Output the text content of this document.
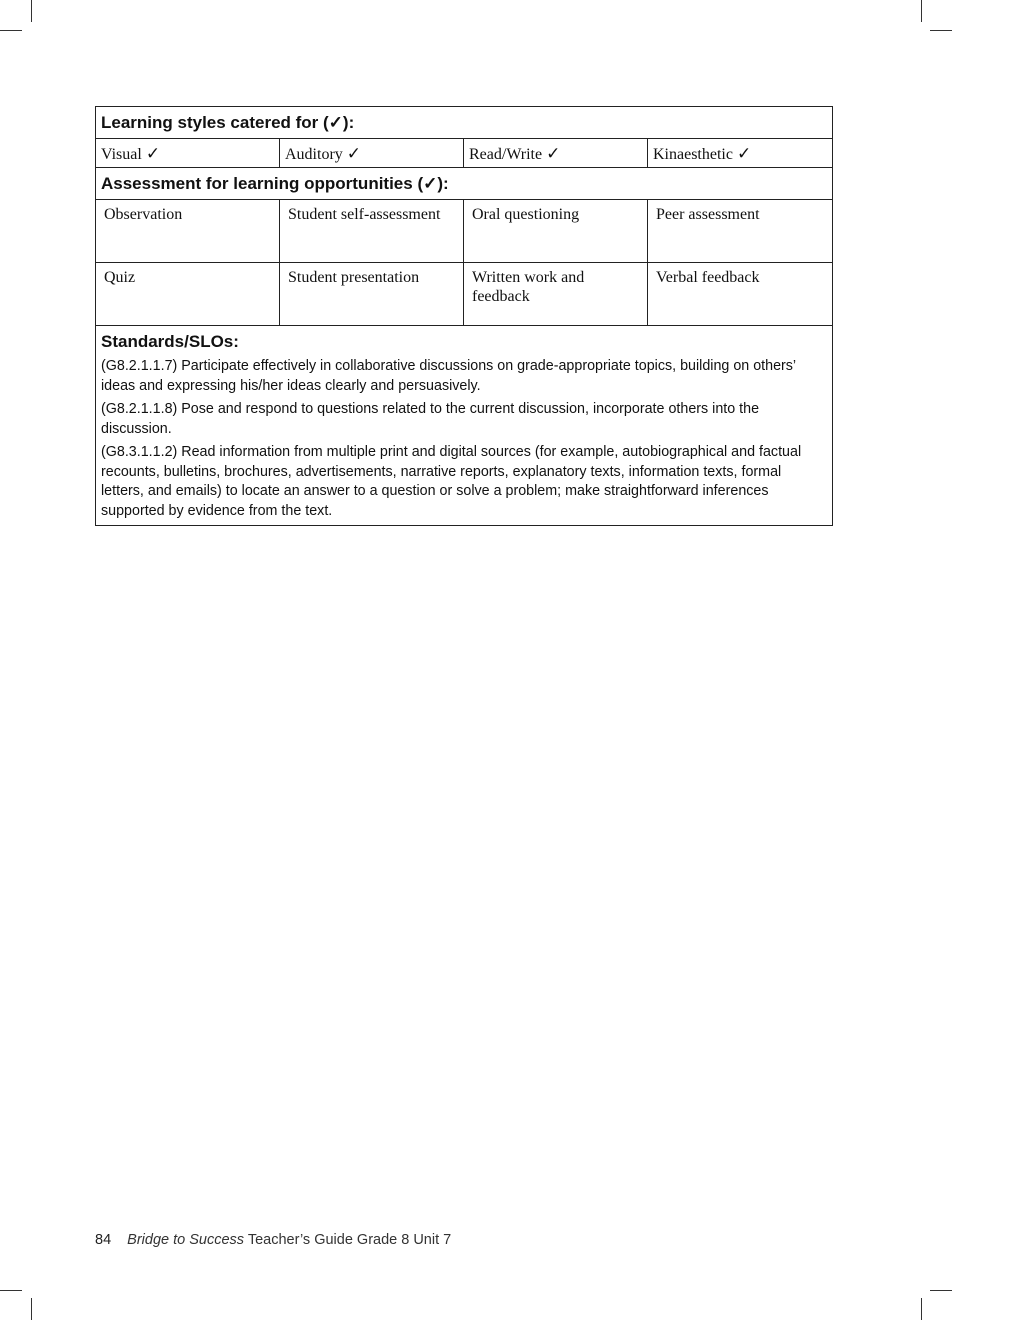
Learning styles catered for (✓):			
Visual ✓	Auditory ✓	Read/Write ✓	Kinaesthetic ✓
Assessment for learning opportunities (✓):			
Observation	Student self-assessment	Oral questioning	Peer assessment
Quiz	Student presentation	Written work and feedback	Verbal feedback

Standards/SLOs:
(G8.2.1.1.7) Participate effectively in collaborative discussions on grade-appropriate topics, building on others’ ideas and expressing his/her ideas clearly and persuasively.
(G8.2.1.1.8) Pose and respond to questions related to the current discussion, incorporate others into the discussion.
(G8.3.1.1.2) Read information from multiple print and digital sources (for example, autobiographical and factual recounts, bulletins, brochures, advertisements, narrative reports, explanatory texts, information texts, formal letters, and emails) to locate an answer to a question or solve a problem; make straightforward inferences supported by evidence from the text.			
84 Bridge to Success Teacher’s Guide Grade 8 Unit 7
